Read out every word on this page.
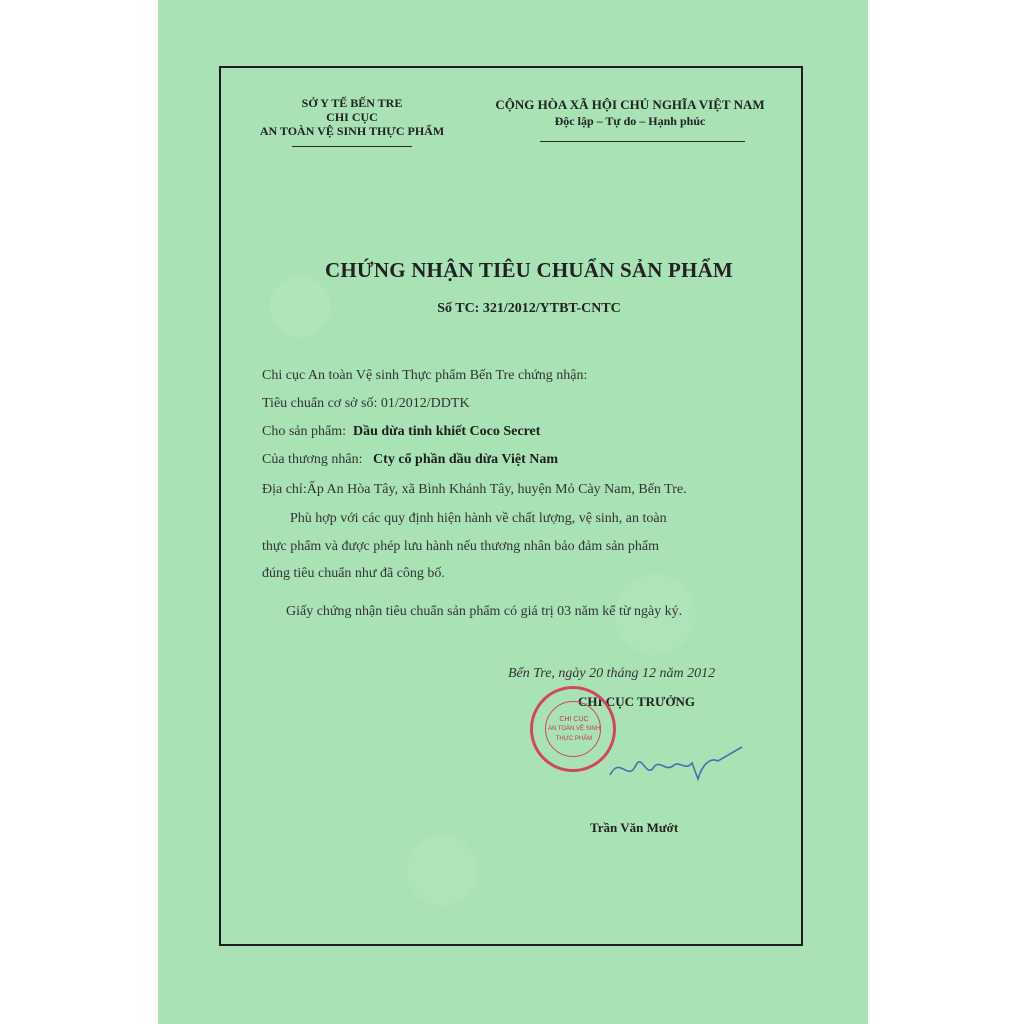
SỞ Y TẾ BẾN TRE
CHI CỤC
AN TOÀN VỆ SINH THỰC PHẨM
CỘNG HÒA XÃ HỘI CHỦ NGHĨA VIỆT NAM
Độc lập – Tự do – Hạnh phúc
CHỨNG NHẬN TIÊU CHUẨN SẢN PHẨM
Số TC: 321/2012/YTBT-CNTC
Chi cục An toàn Vệ sinh Thực phẩm Bến Tre chứng nhận:
Tiêu chuẩn cơ sở số: 01/2012/DDTK
Cho sản phẩm: Dầu dừa tinh khiết Coco Secret
Của thương nhân: Cty cổ phần dầu dừa Việt Nam
Địa chỉ:Ấp An Hòa Tây, xã Bình Khánh Tây, huyện Mỏ Cày Nam, Bến Tre.
Phù hợp với các quy định hiện hành về chất lượng, vệ sinh, an toàn
thực phẩm và được phép lưu hành nếu thương nhân bảo đảm sản phẩm
đúng tiêu chuẩn như đã công bố.
Giấy chứng nhận tiêu chuẩn sản phẩm có giá trị 03 năm kể từ ngày ký.
Bến Tre, ngày 20 tháng 12 năm 2012
CHI CỤC TRƯỞNG
CHI CỤC
AN TOÀN VỆ SINH
THỰC PHẨM
Trần Văn Mướt
